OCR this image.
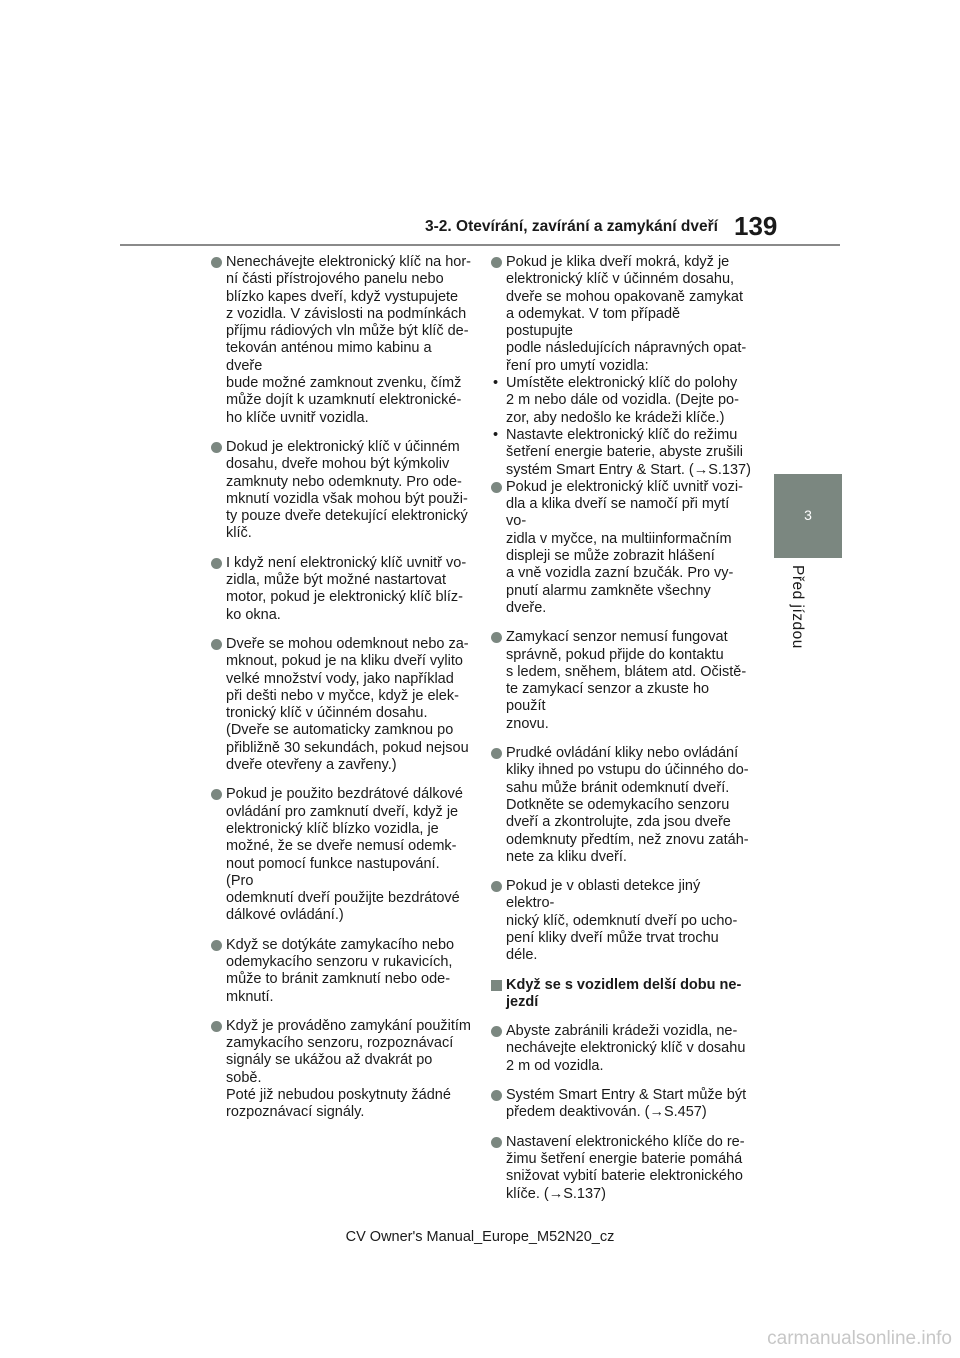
3-2. Otevírání, zavírání a zamykání dveří 139
3
Před jízdou
Nenechávejte elektronický klíč na hor-
ní části přístrojového panelu nebo
blízko kapes dveří, když vystupujete
z vozidla. V závislosti na podmínkách
příjmu rádiových vln může být klíč de-
tekován anténou mimo kabinu a dveře
bude možné zamknout zvenku, čímž
může dojít k uzamknutí elektronické-
ho klíče uvnitř vozidla.
Dokud je elektronický klíč v účinném
dosahu, dveře mohou být kýmkoliv
zamknuty nebo odemknuty. Pro ode-
mknutí vozidla však mohou být použi-
ty pouze dveře detekující elektronický
klíč.
I když není elektronický klíč uvnitř vo-
zidla, může být možné nastartovat
motor, pokud je elektronický klíč blíz-
ko okna.
Dveře se mohou odemknout nebo za-
mknout, pokud je na kliku dveří vylito
velké množství vody, jako například
při dešti nebo v myčce, když je elek-
tronický klíč v účinném dosahu.
(Dveře se automaticky zamknou po
přibližně 30 sekundách, pokud nejsou
dveře otevřeny a zavřeny.)
Pokud je použito bezdrátové dálkové
ovládání pro zamknutí dveří, když je
elektronický klíč blízko vozidla, je
možné, že se dveře nemusí odemk-
nout pomocí funkce nastupování. (Pro
odemknutí dveří použijte bezdrátové
dálkové ovládání.)
Když se dotýkáte zamykacího nebo
odemykacího senzoru v rukavicích,
může to bránit zamknutí nebo ode-
mknutí.
Když je prováděno zamykání použitím
zamykacího senzoru, rozpoznávací
signály se ukážou až dvakrát po sobě.
Poté již nebudou poskytnuty žádné
rozpoznávací signály.
Pokud je klika dveří mokrá, když je
elektronický klíč v účinném dosahu,
dveře se mohou opakovaně zamykat
a odemykat. V tom případě postupujte
podle následujících nápravných opat-
ření pro umytí vozidla:
• Umístěte elektronický klíč do polohy
2 m nebo dále od vozidla. (Dejte po-
zor, aby nedošlo ke krádeži klíče.)
• Nastavte elektronický klíč do režimu
šetření energie baterie, abyste zrušili
systém Smart Entry & Start. (→S.137)
Pokud je elektronický klíč uvnitř vozi-
dla a klika dveří se namočí při mytí vo-
zidla v myčce, na multiinformačním
displeji se může zobrazit hlášení
a vně vozidla zazní bzučák. Pro vy-
pnutí alarmu zamkněte všechny dveře.
Zamykací senzor nemusí fungovat
správně, pokud přijde do kontaktu
s ledem, sněhem, blátem atd. Očistě-
te zamykací senzor a zkuste ho použít
znovu.
Prudké ovládání kliky nebo ovládání
kliky ihned po vstupu do účinného do-
sahu může bránit odemknutí dveří.
Dotkněte se odemykacího senzoru
dveří a zkontrolujte, zda jsou dveře
odemknuty předtím, než znovu zatáh-
nete za kliku dveří.
Pokud je v oblasti detekce jiný elektro-
nický klíč, odemknutí dveří po ucho-
pení kliky dveří může trvat trochu
déle.
Když se s vozidlem delší dobu ne-
jezdí
Abyste zabránili krádeži vozidla, ne-
nechávejte elektronický klíč v dosahu
2 m od vozidla.
Systém Smart Entry & Start může být
předem deaktivován. (→S.457)
Nastavení elektronického klíče do re-
žimu šetření energie baterie pomáhá
snižovat vybití baterie elektronického
klíče. (→S.137)
CV Owner's Manual_Europe_M52N20_cz
carmanualsonline.info
